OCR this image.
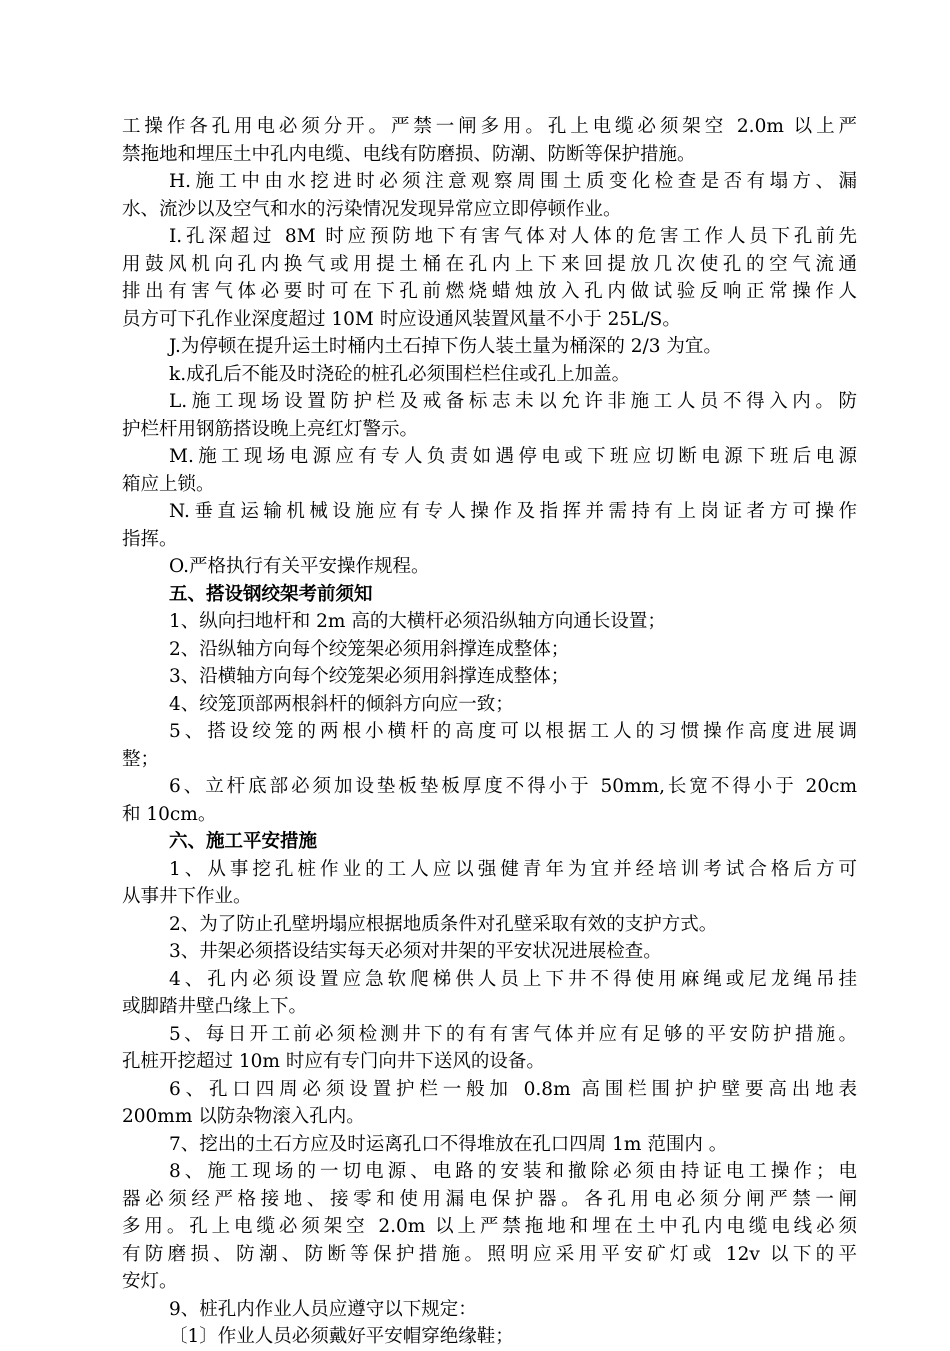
工操作各孔用电必须分开。严禁一闸多用。孔上电缆必须架空 2.0m 以上严
禁拖地和埋压土中孔内电缆、电线有防磨损、防潮、防断等保护措施。
H.施工中由水挖进时必须注意观察周围土质变化检查是否有塌方、漏
水、流沙以及空气和水的污染情况发现异常应立即停顿作业。
I.孔深超过 8M 时应预防地下有害气体对人体的危害工作人员下孔前先
用鼓风机向孔内换气或用提土桶在孔内上下来回提放几次使孔的空气流通
排出有害气体必要时可在下孔前燃烧蜡烛放入孔内做试验反响正常操作人
员方可下孔作业深度超过 10M 时应设通风装置风量不小于 25L/S。
J.为停顿在提升运土时桶内土石掉下伤人装土量为桶深的 2/3 为宜。
k.成孔后不能及时浇砼的桩孔必须围栏栏住或孔上加盖。
L.施工现场设置防护栏及戒备标志未以允许非施工人员不得入内。防
护栏杆用钢筋搭设晚上亮红灯警示。
M.施工现场电源应有专人负责如遇停电或下班应切断电源下班后电源
箱应上锁。
N.垂直运输机械设施应有专人操作及指挥并需持有上岗证者方可操作
指挥。
O.严格执行有关平安操作规程。
五、搭设钢绞架考前须知
1、纵向扫地杆和 2m 高的大横杆必须沿纵轴方向通长设置；
2、沿纵轴方向每个绞笼架必须用斜撑连成整体；
3、沿横轴方向每个绞笼架必须用斜撑连成整体；
4、绞笼顶部两根斜杆的倾斜方向应一致；
5、搭设绞笼的两根小横杆的高度可以根据工人的习惯操作高度进展调
整；
6、立杆底部必须加设垫板垫板厚度不得小于 50mm,长宽不得小于 20cm
和 10cm。
六、施工平安措施
1、从事挖孔桩作业的工人应以强健青年为宜并经培训考试合格后方可
从事井下作业。
2、为了防止孔壁坍塌应根据地质条件对孔壁采取有效的支护方式。
3、井架必须搭设结实每天必须对井架的平安状况进展检查。
4、孔内必须设置应急软爬梯供人员上下井不得使用麻绳或尼龙绳吊挂
或脚踏井壁凸缘上下。
5、每日开工前必须检测井下的有有害气体并应有足够的平安防护措施。
孔桩开挖超过 10m 时应有专门向井下送风的设备。
6、孔口四周必须设置护栏一般加 0.8m 高围栏围护护壁要高出地表
200mm 以防杂物滚入孔内。
7、挖出的土石方应及时运离孔口不得堆放在孔口四周 1m 范围内 。
8、施工现场的一切电源、电路的安装和撤除必须由持证电工操作；电
器必须经严格接地、接零和使用漏电保护器。各孔用电必须分闸严禁一闸
多用。孔上电缆必须架空 2.0m 以上严禁拖地和埋在土中孔内电缆电线必须
有防磨损、防潮、防断等保护措施。照明应采用平安矿灯或 12v 以下的平
安灯。
9、桩孔内作业人员应遵守以下规定：
〔1〕作业人员必须戴好平安帽穿绝缘鞋；
